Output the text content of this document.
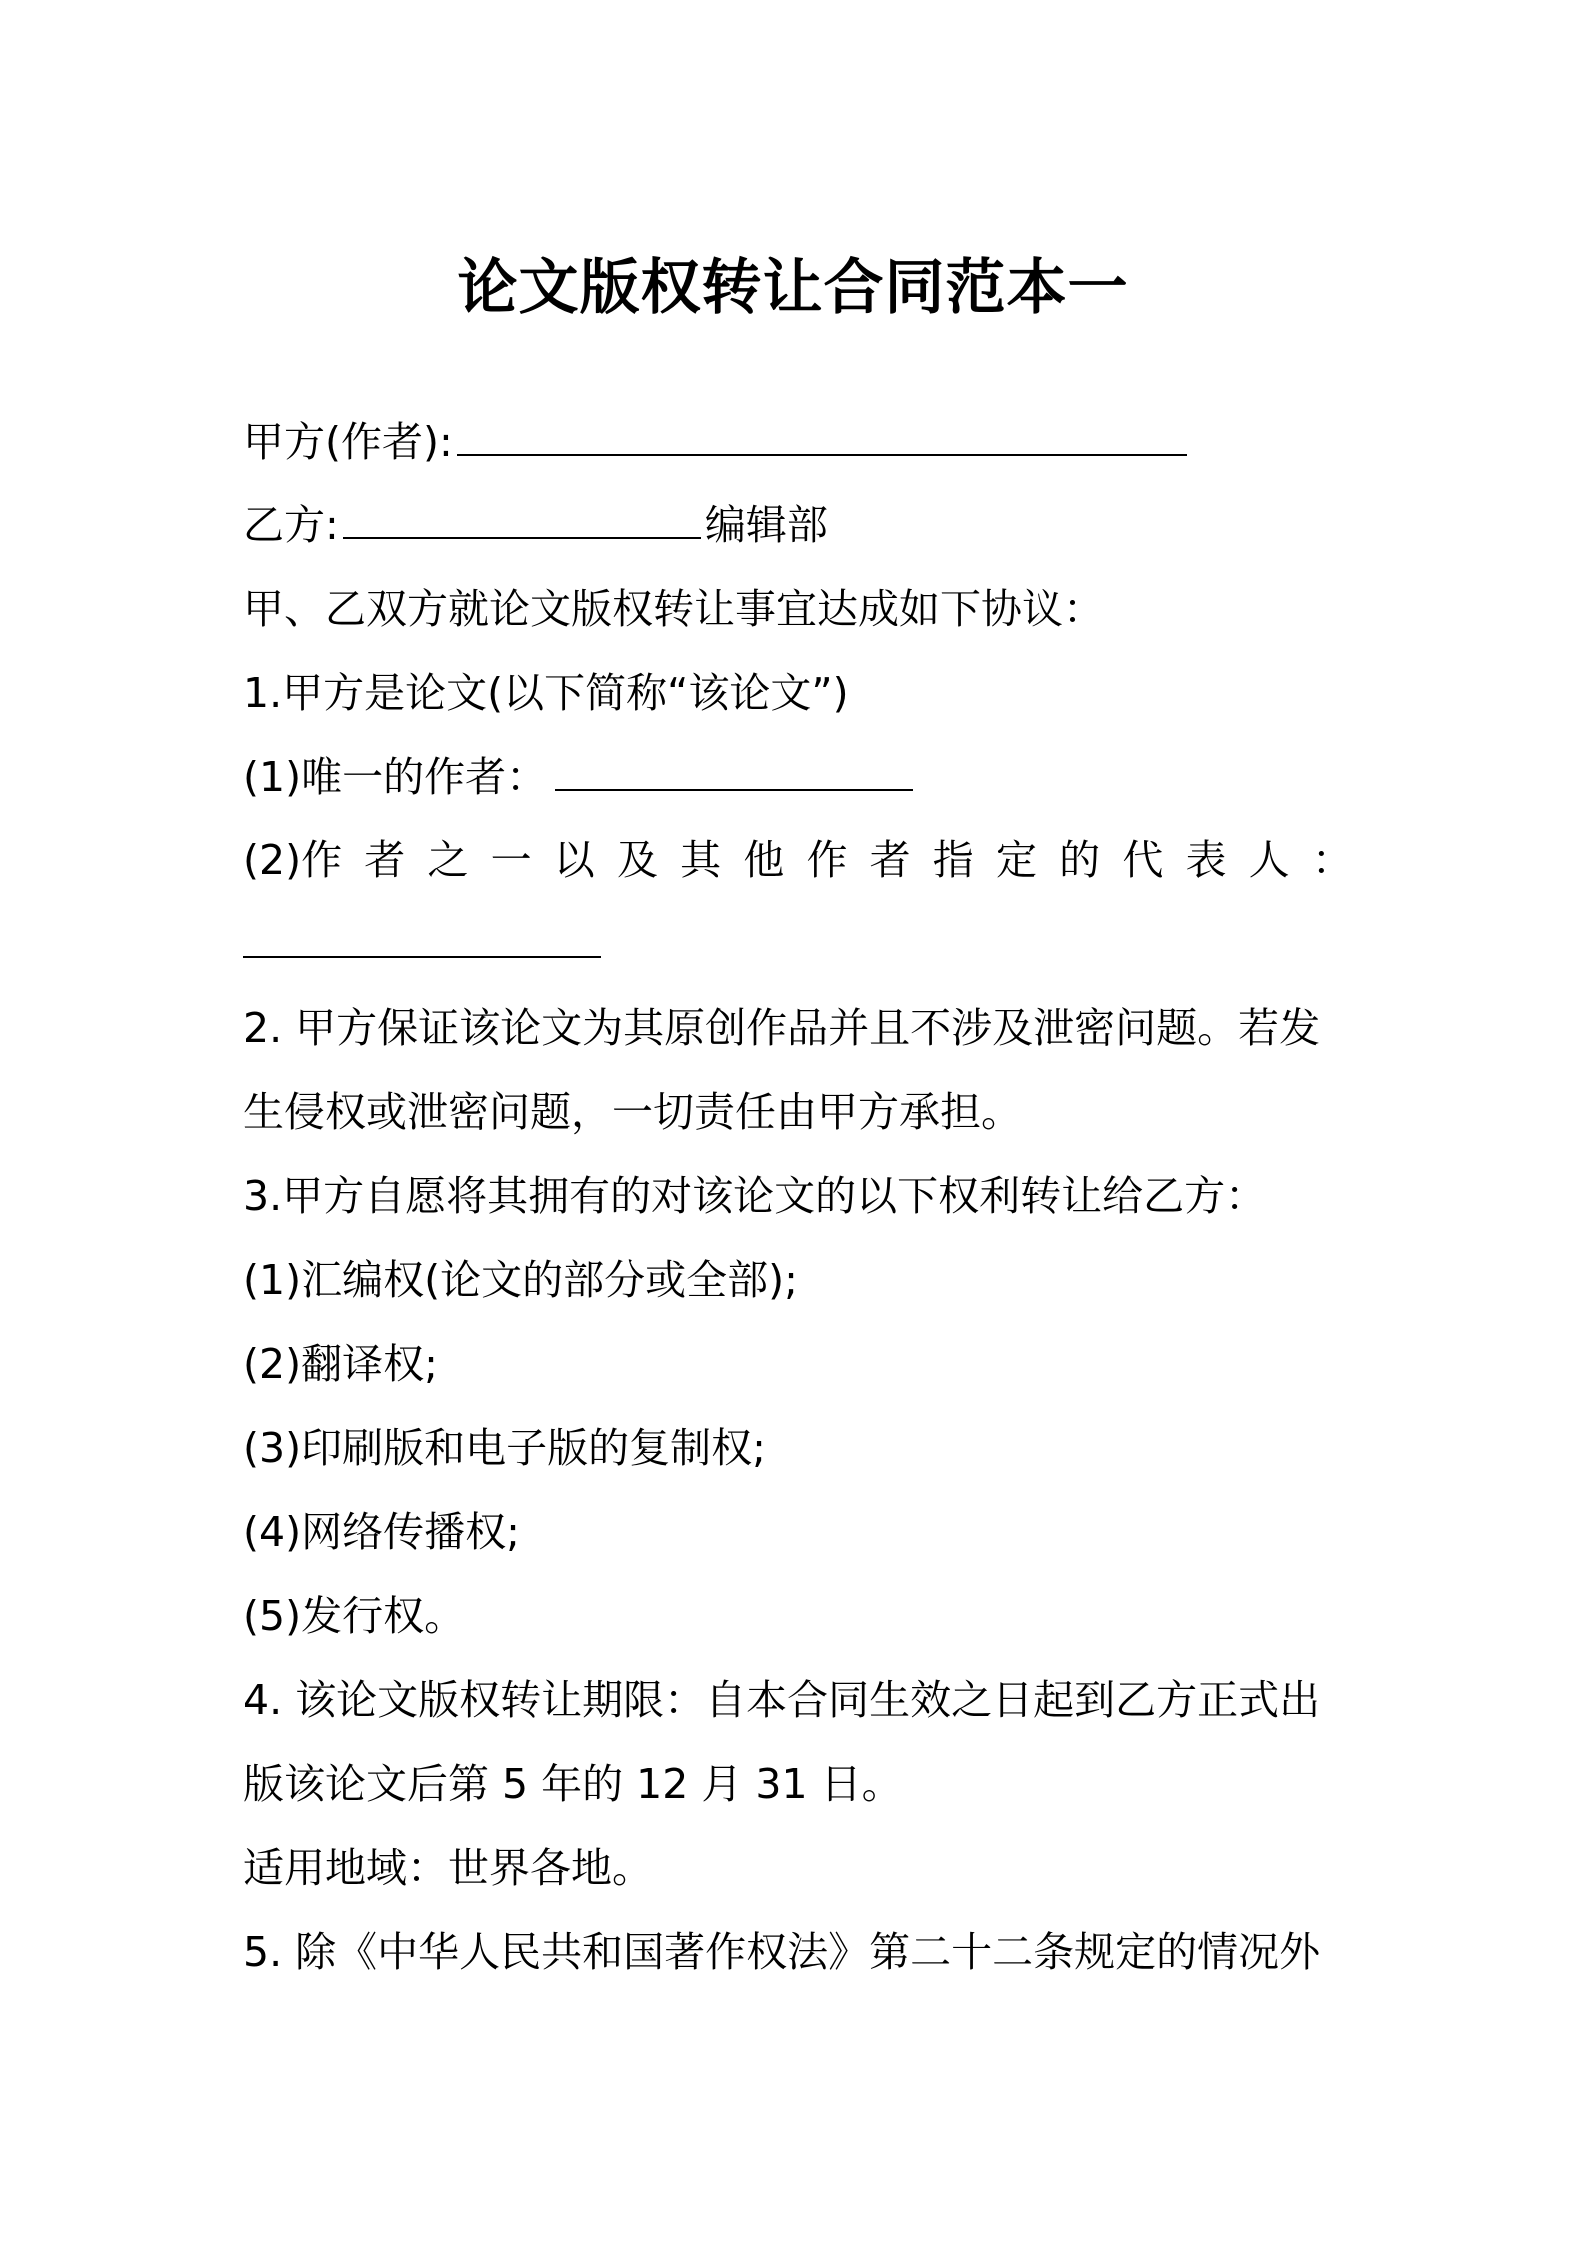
论文版权转让合同范本一
甲方(作者):
乙方:	编辑部
甲、乙双方就论文版权转让事宜达成如下协议：
1.甲方是论文(以下简称“该论文”)
(1)唯一的作者：
(2)作 者 之 一 以 及 其 他 作 者 指 定 的 代 表 人 ：
2. 甲方保证该论文为其原创作品并且不涉及泄密问题。若发
生侵权或泄密问题，一切责任由甲方承担。
3.甲方自愿将其拥有的对该论文的以下权利转让给乙方：
(1)汇编权(论文的部分或全部);
(2)翻译权;
(3)印刷版和电子版的复制权;
(4)网络传播权;
(5)发行权。
4. 该论文版权转让期限：自本合同生效之日起到乙方正式出
版该论文后第 5 年的 12 月 31 日。
适用地域：世界各地。
5. 除《中华人民共和国著作权法》第二十二条规定的情况外
